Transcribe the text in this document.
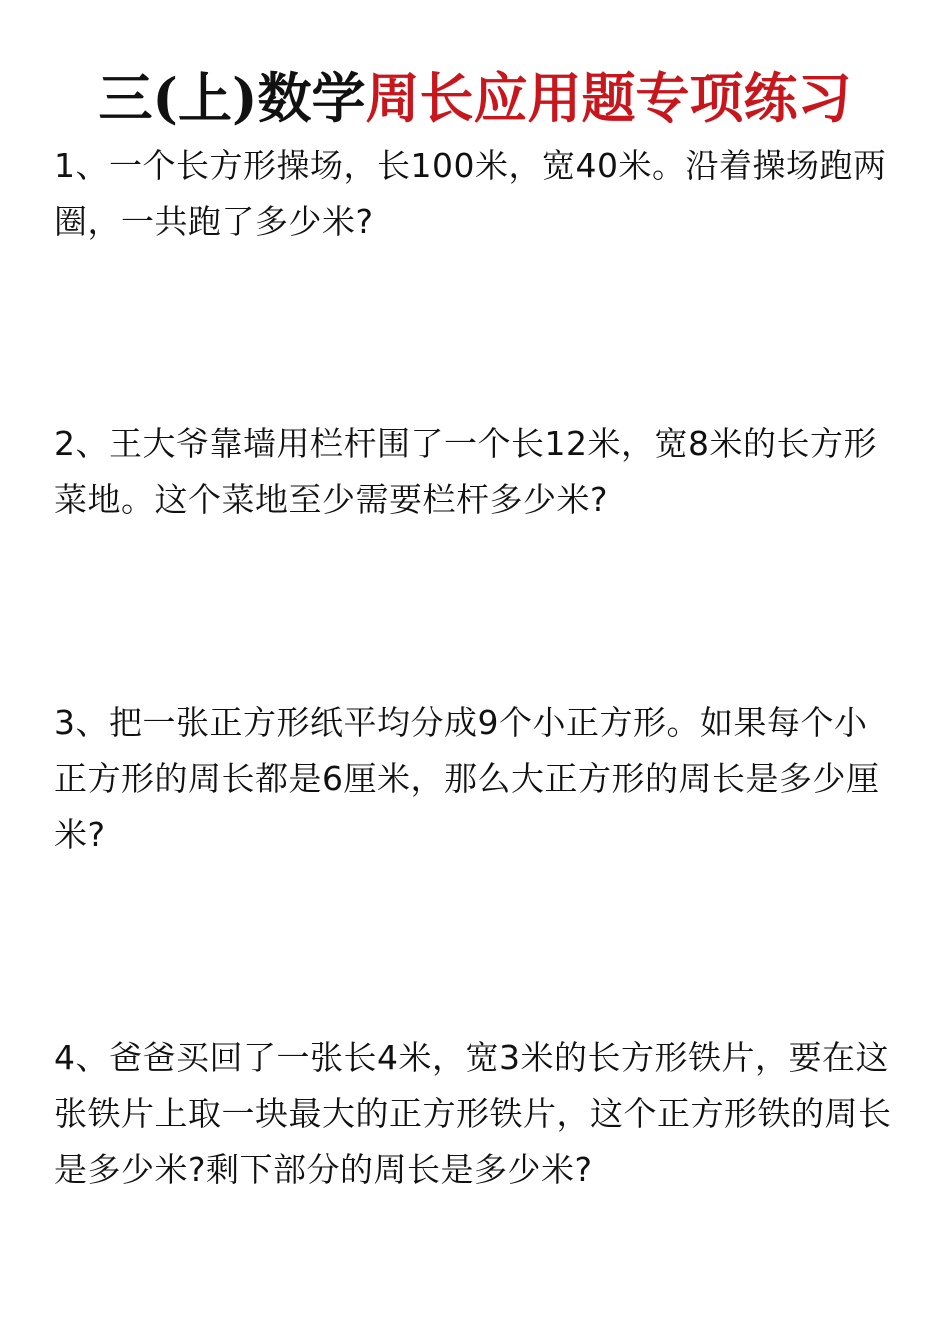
三(上)数学周长应用题专项练习
1、一个长方形操场，长100米，宽40米。沿着操场跑两圈，一共跑了多少米?
2、王大爷靠墙用栏杆围了一个长12米，宽8米的长方形菜地。这个菜地至少需要栏杆多少米?
3、把一张正方形纸平均分成9个小正方形。如果每个小正方形的周长都是6厘米，那么大正方形的周长是多少厘米?
4、爸爸买回了一张长4米，宽3米的长方形铁片，要在这张铁片上取一块最大的正方形铁片，这个正方形铁的周长是多少米?剩下部分的周长是多少米?
